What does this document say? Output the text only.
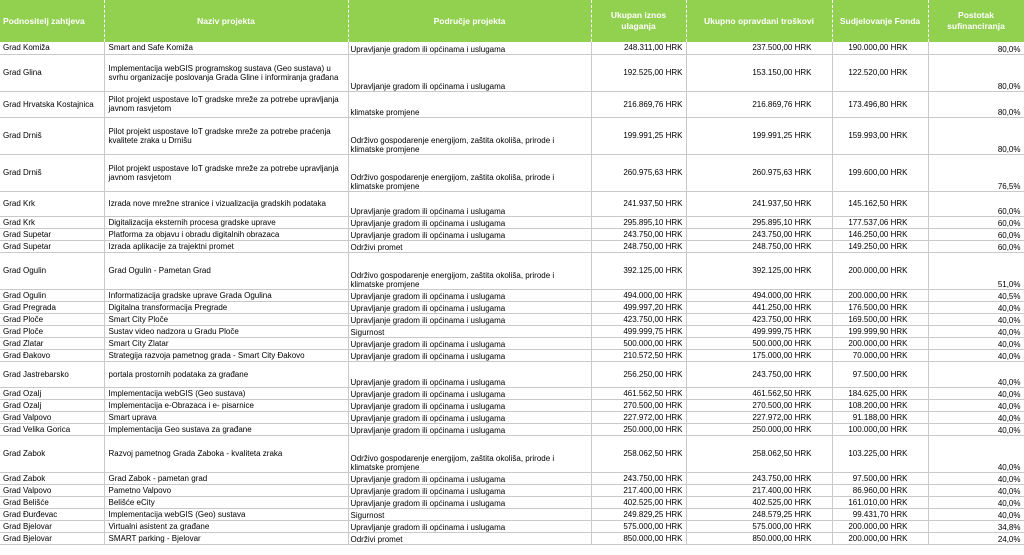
Podnositelj zahtjeva	Naziv projekta	Područje projekta	Ukupan iznos ulaganja	Ukupno opravdani troškovi	Sudjelovanje Fonda	Postotak sufinanciranja
Grad Komiža	Smart and Safe Komiža	Upravljanje gradom ili općinama i uslugama	248.311,00 HRK	237.500,00 HRK	190.000,00 HRK	80,0%
Grad Glina	Implementacija webGIS programskog sustava (Geo sustava) u svrhu organizacije poslovanja Grada Gline i informiranja građana	Upravljanje gradom ili općinama i uslugama	192.525,00 HRK	153.150,00 HRK	122.520,00 HRK	80,0%
Grad Hrvatska Kostajnica	Pilot projekt uspostave IoT gradske mreže za potrebe upravljanja javnom rasvjetom	klimatske promjene	216.869,76 HRK	216.869,76 HRK	173.496,80 HRK	80,0%
Grad Drniš	Pilot projekt uspostave IoT gradske mreže za potrebe praćenja kvalitete zraka u Drnišu	Održivo gospodarenje energijom, zaštita okoliša, prirode i klimatske promjene	199.991,25 HRK	199.991,25 HRK	159.993,00 HRK	80,0%
Grad Drniš	Pilot projekt uspostave IoT gradske mreže za potrebe upravljanja javnom rasvjetom	Održivo gospodarenje energijom, zaštita okoliša, prirode i klimatske promjene	260.975,63 HRK	260.975,63 HRK	199.600,00 HRK	76,5%
Grad Krk	Izrada nove mrežne stranice i vizualizacija gradskih podataka	Upravljanje gradom ili općinama i uslugama	241.937,50 HRK	241.937,50 HRK	145.162,50 HRK	60,0%
Grad Krk	Digitalizacija eksternih procesa gradske uprave	Upravljanje gradom ili općinama i uslugama	295.895,10 HRK	295.895,10 HRK	177.537,06 HRK	60,0%
Grad Supetar	Platforma za objavu i obradu digitalnih obrazaca	Upravljanje gradom ili općinama i uslugama	243.750,00 HRK	243.750,00 HRK	146.250,00 HRK	60,0%
Grad Supetar	Izrada aplikacije za trajektni promet	Održivi promet	248.750,00 HRK	248.750,00 HRK	149.250,00 HRK	60,0%
Grad Ogulin	Grad Ogulin - Pametan Grad	Održivo gospodarenje energijom, zaštita okoliša, prirode i klimatske promjene	392.125,00 HRK	392.125,00 HRK	200.000,00 HRK	51,0%
Grad Ogulin	Informatizacija gradske uprave Grada Ogulina	Upravljanje gradom ili općinama i uslugama	494.000,00 HRK	494.000,00 HRK	200.000,00 HRK	40,5%
Grad Pregrada	Digitalna transformacija Pregrade	Upravljanje gradom ili općinama i uslugama	499.997,20 HRK	441.250,00 HRK	176.500,00 HRK	40,0%
Grad Ploče	Smart City Ploče	Upravljanje gradom ili općinama i uslugama	423.750,00 HRK	423.750,00 HRK	169.500,00 HRK	40,0%
Grad Ploče	Sustav video nadzora u Gradu Ploče	Sigurnost	499.999,75 HRK	499.999,75 HRK	199.999,90 HRK	40,0%
Grad Zlatar	Smart City Zlatar	Upravljanje gradom ili općinama i uslugama	500.000,00 HRK	500.000,00 HRK	200.000,00 HRK	40,0%
Grad Đakovo	Strategija razvoja pametnog grada - Smart City Đakovo	Upravljanje gradom ili općinama i uslugama	210.572,50 HRK	175.000,00 HRK	70.000,00 HRK	40,0%
Grad Jastrebarsko	portala prostornih podataka za građane	Upravljanje gradom ili općinama i uslugama	256.250,00 HRK	243.750,00 HRK	97.500,00 HRK	40,0%
Grad Ozalj	Implementacija webGIS (Geo sustava)	Upravljanje gradom ili općinama i uslugama	461.562,50 HRK	461.562,50 HRK	184.625,00 HRK	40,0%
Grad Ozalj	Implementacija e-Obrazaca i e- pisarnice	Upravljanje gradom ili općinama i uslugama	270.500,00 HRK	270.500,00 HRK	108.200,00 HRK	40,0%
Grad Valpovo	Smart uprava	Upravljanje gradom ili općinama i uslugama	227.972,00 HRK	227.972,00 HRK	91.188,00 HRK	40,0%
Grad Velika Gorica	Implementacija Geo sustava za građane	Upravljanje gradom ili općinama i uslugama	250.000,00 HRK	250.000,00 HRK	100.000,00 HRK	40,0%
Grad Zabok	Razvoj pametnog Grada Zaboka - kvaliteta zraka	Održivo gospodarenje energijom, zaštita okoliša, prirode i klimatske promjene	258.062,50 HRK	258.062,50 HRK	103.225,00 HRK	40,0%
Grad Zabok	Grad Zabok - pametan grad	Upravljanje gradom ili općinama i uslugama	243.750,00 HRK	243.750,00 HRK	97.500,00 HRK	40,0%
Grad Valpovo	Pametno Valpovo	Upravljanje gradom ili općinama i uslugama	217.400,00 HRK	217.400,00 HRK	86.960,00 HRK	40,0%
Grad Belišće	Belišće eCity	Upravljanje gradom ili općinama i uslugama	402.525,00 HRK	402.525,00 HRK	161.010,00 HRK	40,0%
Grad Đurđevac	Implementacija webGIS (Geo) sustava	Sigurnost	249.829,25 HRK	248.579,25 HRK	99.431,70 HRK	40,0%
Grad Bjelovar	Virtualni asistent za građane	Upravljanje gradom ili općinama i uslugama	575.000,00 HRK	575.000,00 HRK	200.000,00 HRK	34,8%
Grad Bjelovar	SMART parking - Bjelovar	Održivi promet	850.000,00 HRK	850.000,00 HRK	200.000,00 HRK	24,0%
